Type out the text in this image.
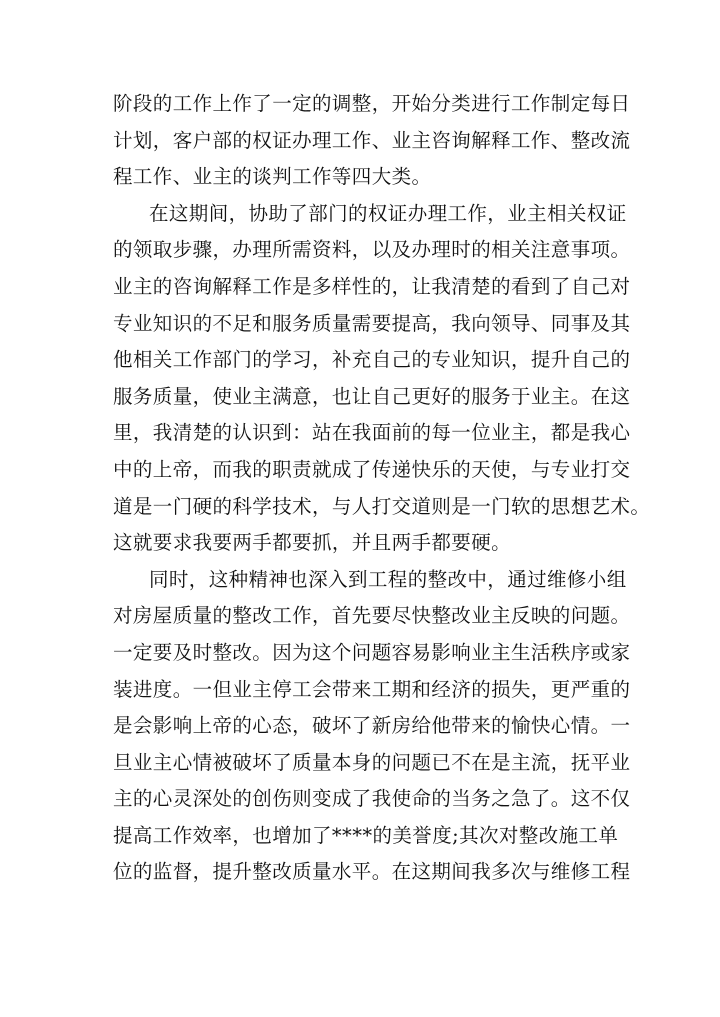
阶段的工作上作了一定的调整，开始分类进行工作制定每日
计划，客户部的权证办理工作、业主咨询解释工作、整改流
程工作、业主的谈判工作等四大类。
在这期间，协助了部门的权证办理工作，业主相关权证
的领取步骤，办理所需资料，以及办理时的相关注意事项。
业主的咨询解释工作是多样性的，让我清楚的看到了自己对
专业知识的不足和服务质量需要提高，我向领导、同事及其
他相关工作部门的学习，补充自己的专业知识，提升自己的
服务质量，使业主满意，也让自己更好的服务于业主。在这
里，我清楚的认识到：站在我面前的每一位业主，都是我心
中的上帝，而我的职责就成了传递快乐的天使，与专业打交
道是一门硬的科学技术，与人打交道则是一门软的思想艺术。
这就要求我要两手都要抓，并且两手都要硬。
同时，这种精神也深入到工程的整改中，通过维修小组
对房屋质量的整改工作，首先要尽快整改业主反映的问题。
一定要及时整改。因为这个问题容易影响业主生活秩序或家
装进度。一但业主停工会带来工期和经济的损失，更严重的
是会影响上帝的心态，破坏了新房给他带来的愉快心情。一
旦业主心情被破坏了质量本身的问题已不在是主流，抚平业
主的心灵深处的创伤则变成了我使命的当务之急了。这不仅
提高工作效率，也增加了****的美誉度;其次对整改施工单
位的监督，提升整改质量水平。在这期间我多次与维修工程
